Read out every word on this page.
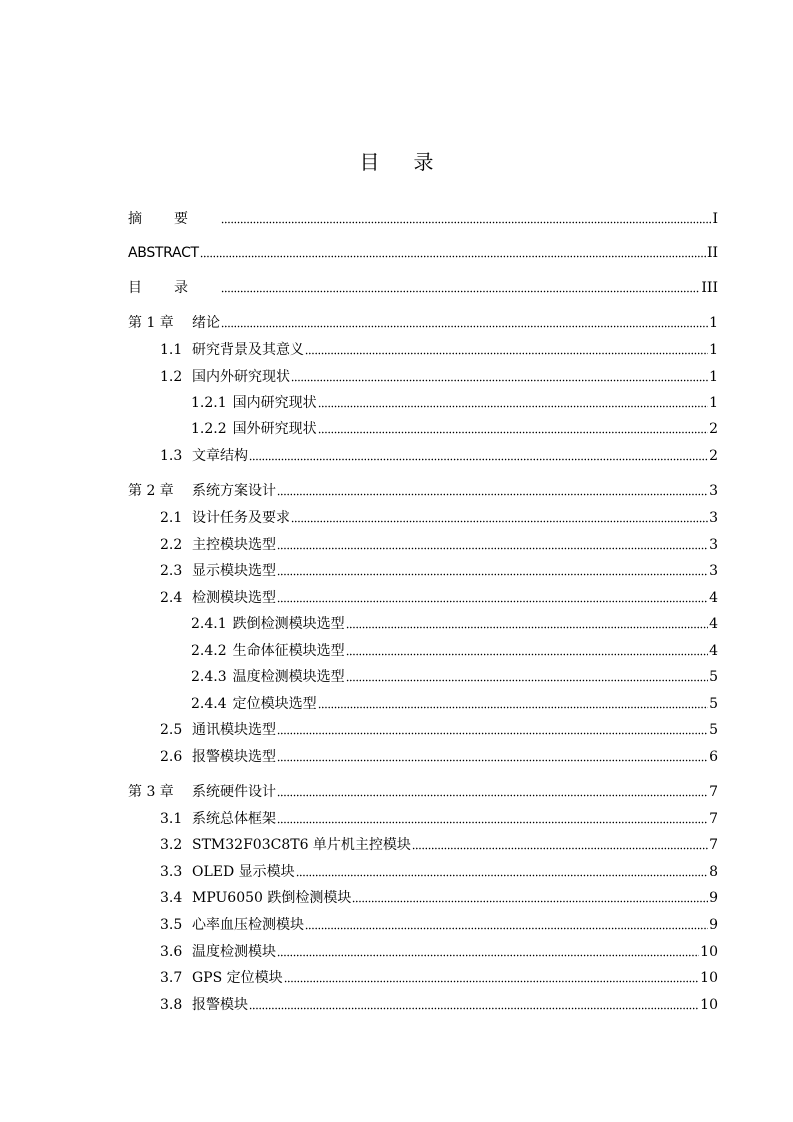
目录
摘要	I
ABSTRACT	II
目录	III
第 1 章	绪论	1
1.1 研究背景及其意义	1
1.2 国内外研究现状	1
1.2.1 国内研究现状	1
1.2.2 国外研究现状	2
1.3 文章结构	2
第 2 章	系统方案设计	3
2.1 设计任务及要求	3
2.2 主控模块选型	3
2.3 显示模块选型	3
2.4 检测模块选型	4
2.4.1 跌倒检测模块选型	4
2.4.2 生命体征模块选型	4
2.4.3 温度检测模块选型	5
2.4.4 定位模块选型	5
2.5 通讯模块选型	5
2.6 报警模块选型	6
第 3 章	系统硬件设计	7
3.1 系统总体框架	7
3.2 STM32F03C8T6 单片机主控模块	7
3.3 OLED 显示模块	8
3.4 MPU6050 跌倒检测模块	9
3.5 心率血压检测模块	9
3.6 温度检测模块	10
3.7 GPS 定位模块	10
3.8 报警模块	10
